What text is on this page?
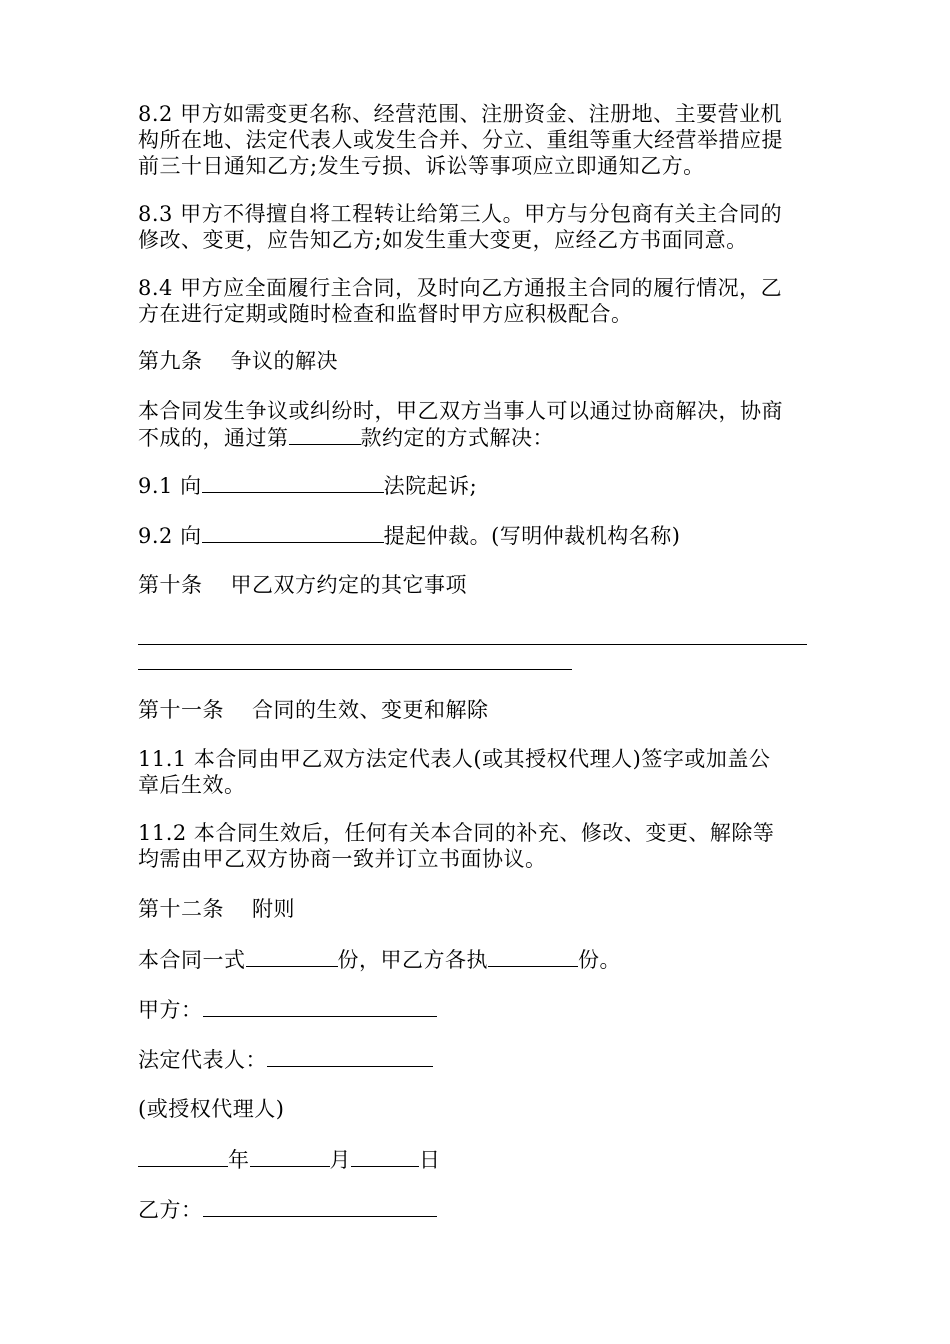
8.2 甲方如需变更名称、经营范围、注册资金、注册地、主要营业机
构所在地、法定代表人或发生合并、分立、重组等重大经营举措应提
前三十日通知乙方;发生亏损、诉讼等事项应立即通知乙方。
8.3 甲方不得擅自将工程转让给第三人。甲方与分包商有关主合同的
修改、变更，应告知乙方;如发生重大变更，应经乙方书面同意。
8.4 甲方应全面履行主合同，及时向乙方通报主合同的履行情况，乙
方在进行定期或随时检查和监督时甲方应积极配合。
第九条 争议的解决
本合同发生争议或纠纷时，甲乙双方当事人可以通过协商解决，协商
不成的，通过第	款约定的方式解决：
9.1 向	法院起诉;
9.2 向	提起仲裁。(写明仲裁机构名称)
第十条 甲乙双方约定的其它事项
第十一条 合同的生效、变更和解除
11.1 本合同由甲乙双方法定代表人(或其授权代理人)签字或加盖公
章后生效。
11.2 本合同生效后，任何有关本合同的补充、修改、变更、解除等
均需由甲乙双方协商一致并订立书面协议。
第十二条 附则
本合同一式	份，甲乙方各执	份。
甲方：
法定代表人：
(或授权代理人)
年	月	日
乙方：
